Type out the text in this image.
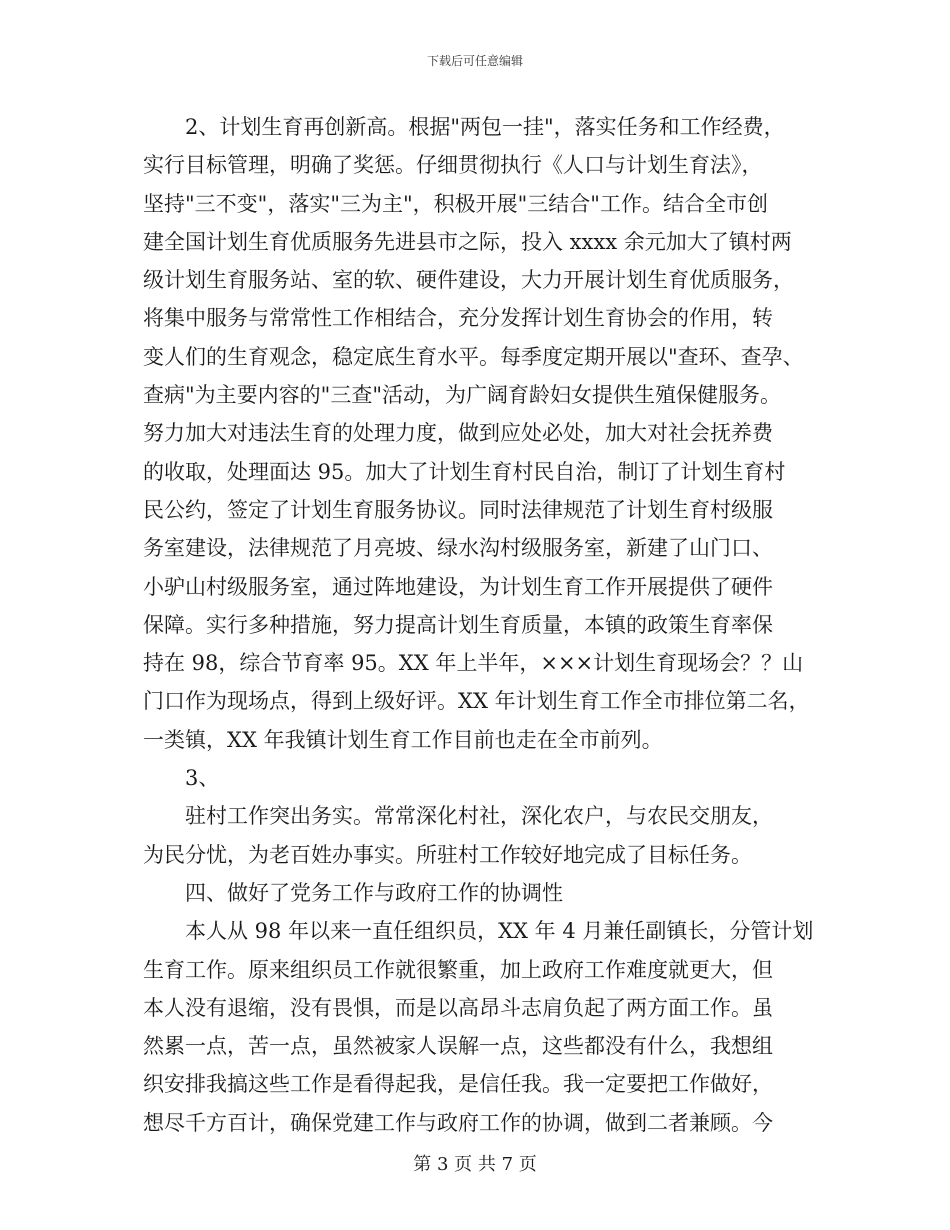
下载后可任意编辑
2、计划生育再创新高。根据"两包一挂"，落实任务和工作经费，
实行目标管理，明确了奖惩。仔细贯彻执行《人口与计划生育法》，
坚持"三不变"，落实"三为主"，积极开展"三结合"工作。结合全市创
建全国计划生育优质服务先进县市之际，投入 xxxx 余元加大了镇村两
级计划生育服务站、室的软、硬件建设，大力开展计划生育优质服务，
将集中服务与常常性工作相结合，充分发挥计划生育协会的作用，转
变人们的生育观念，稳定底生育水平。每季度定期开展以"查环、查孕、
查病"为主要内容的"三查"活动，为广阔育龄妇女提供生殖保健服务。
努力加大对违法生育的处理力度，做到应处必处，加大对社会抚养费
的收取，处理面达 95。加大了计划生育村民自治，制订了计划生育村
民公约，签定了计划生育服务协议。同时法律规范了计划生育村级服
务室建设，法律规范了月亮坡、绿水沟村级服务室，新建了山门口、
小驴山村级服务室，通过阵地建设，为计划生育工作开展提供了硬件
保障。实行多种措施，努力提高计划生育质量，本镇的政策生育率保
持在 98，综合节育率 95。XX 年上半年，×××计划生育现场会？？山
门口作为现场点，得到上级好评。XX 年计划生育工作全市排位第二名，
一类镇，XX 年我镇计划生育工作目前也走在全市前列。
3、
驻村工作突出务实。常常深化村社，深化农户，与农民交朋友，
为民分忧，为老百姓办事实。所驻村工作较好地完成了目标任务。
四、做好了党务工作与政府工作的协调性
本人从 98 年以来一直任组织员，XX 年 4 月兼任副镇长，分管计划
生育工作。原来组织员工作就很繁重，加上政府工作难度就更大，但
本人没有退缩，没有畏惧，而是以高昂斗志肩负起了两方面工作。虽
然累一点，苦一点，虽然被家人误解一点，这些都没有什么，我想组
织安排我搞这些工作是看得起我，是信任我。我一定要把工作做好，
想尽千方百计，确保党建工作与政府工作的协调，做到二者兼顾。今
第 3 页 共 7 页
